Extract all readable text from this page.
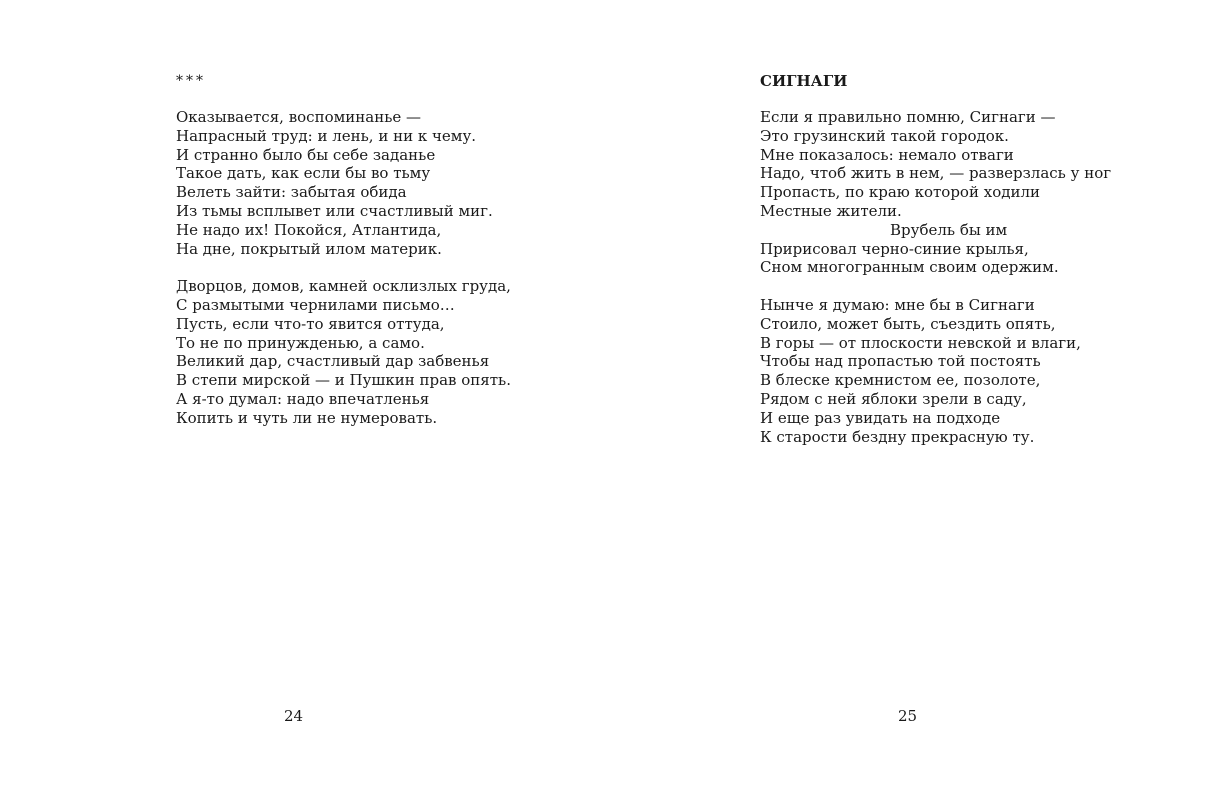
***
Оказывается, воспоминанье —
Напрасный труд: и лень, и ни к чему.
И странно было бы себе заданье
Такое дать, как если бы во тьму
Велеть зайти: забытая обида
Из тьмы всплывет или счастливый миг.
Не надо их! Покойся, Атлантида,
На дне, покрытый илом материк.
Дворцов, домов, камней осклизлых груда,
С размытыми чернилами письмо…
Пусть, если что-то явится оттуда,
То не по принужденью, а само.
Великий дар, счастливый дар забвенья
В степи мирской — и Пушкин прав опять.
А я-то думал: надо впечатленья
Копить и чуть ли не нумеровать.
24
СИГНАГИ
Если я правильно помню, Сигнаги —
Это грузинский такой городок.
Мне показалось: немало отваги
Надо, чтоб жить в нем, — разверзлась у ног
Пропасть, по краю которой ходили
Местные жители.
Врубель бы им
Пририсовал черно-синие крылья,
Сном многогранным своим одержим.
Нынче я думаю: мне бы в Сигнаги
Стоило, может быть, съездить опять,
В горы — от плоскости невской и влаги,
Чтобы над пропастью той постоять
В блеске кремнистом ее, позолоте,
Рядом с ней яблоки зрели в саду,
И еще раз увидать на подходе
К старости бездну прекрасную ту.
25
